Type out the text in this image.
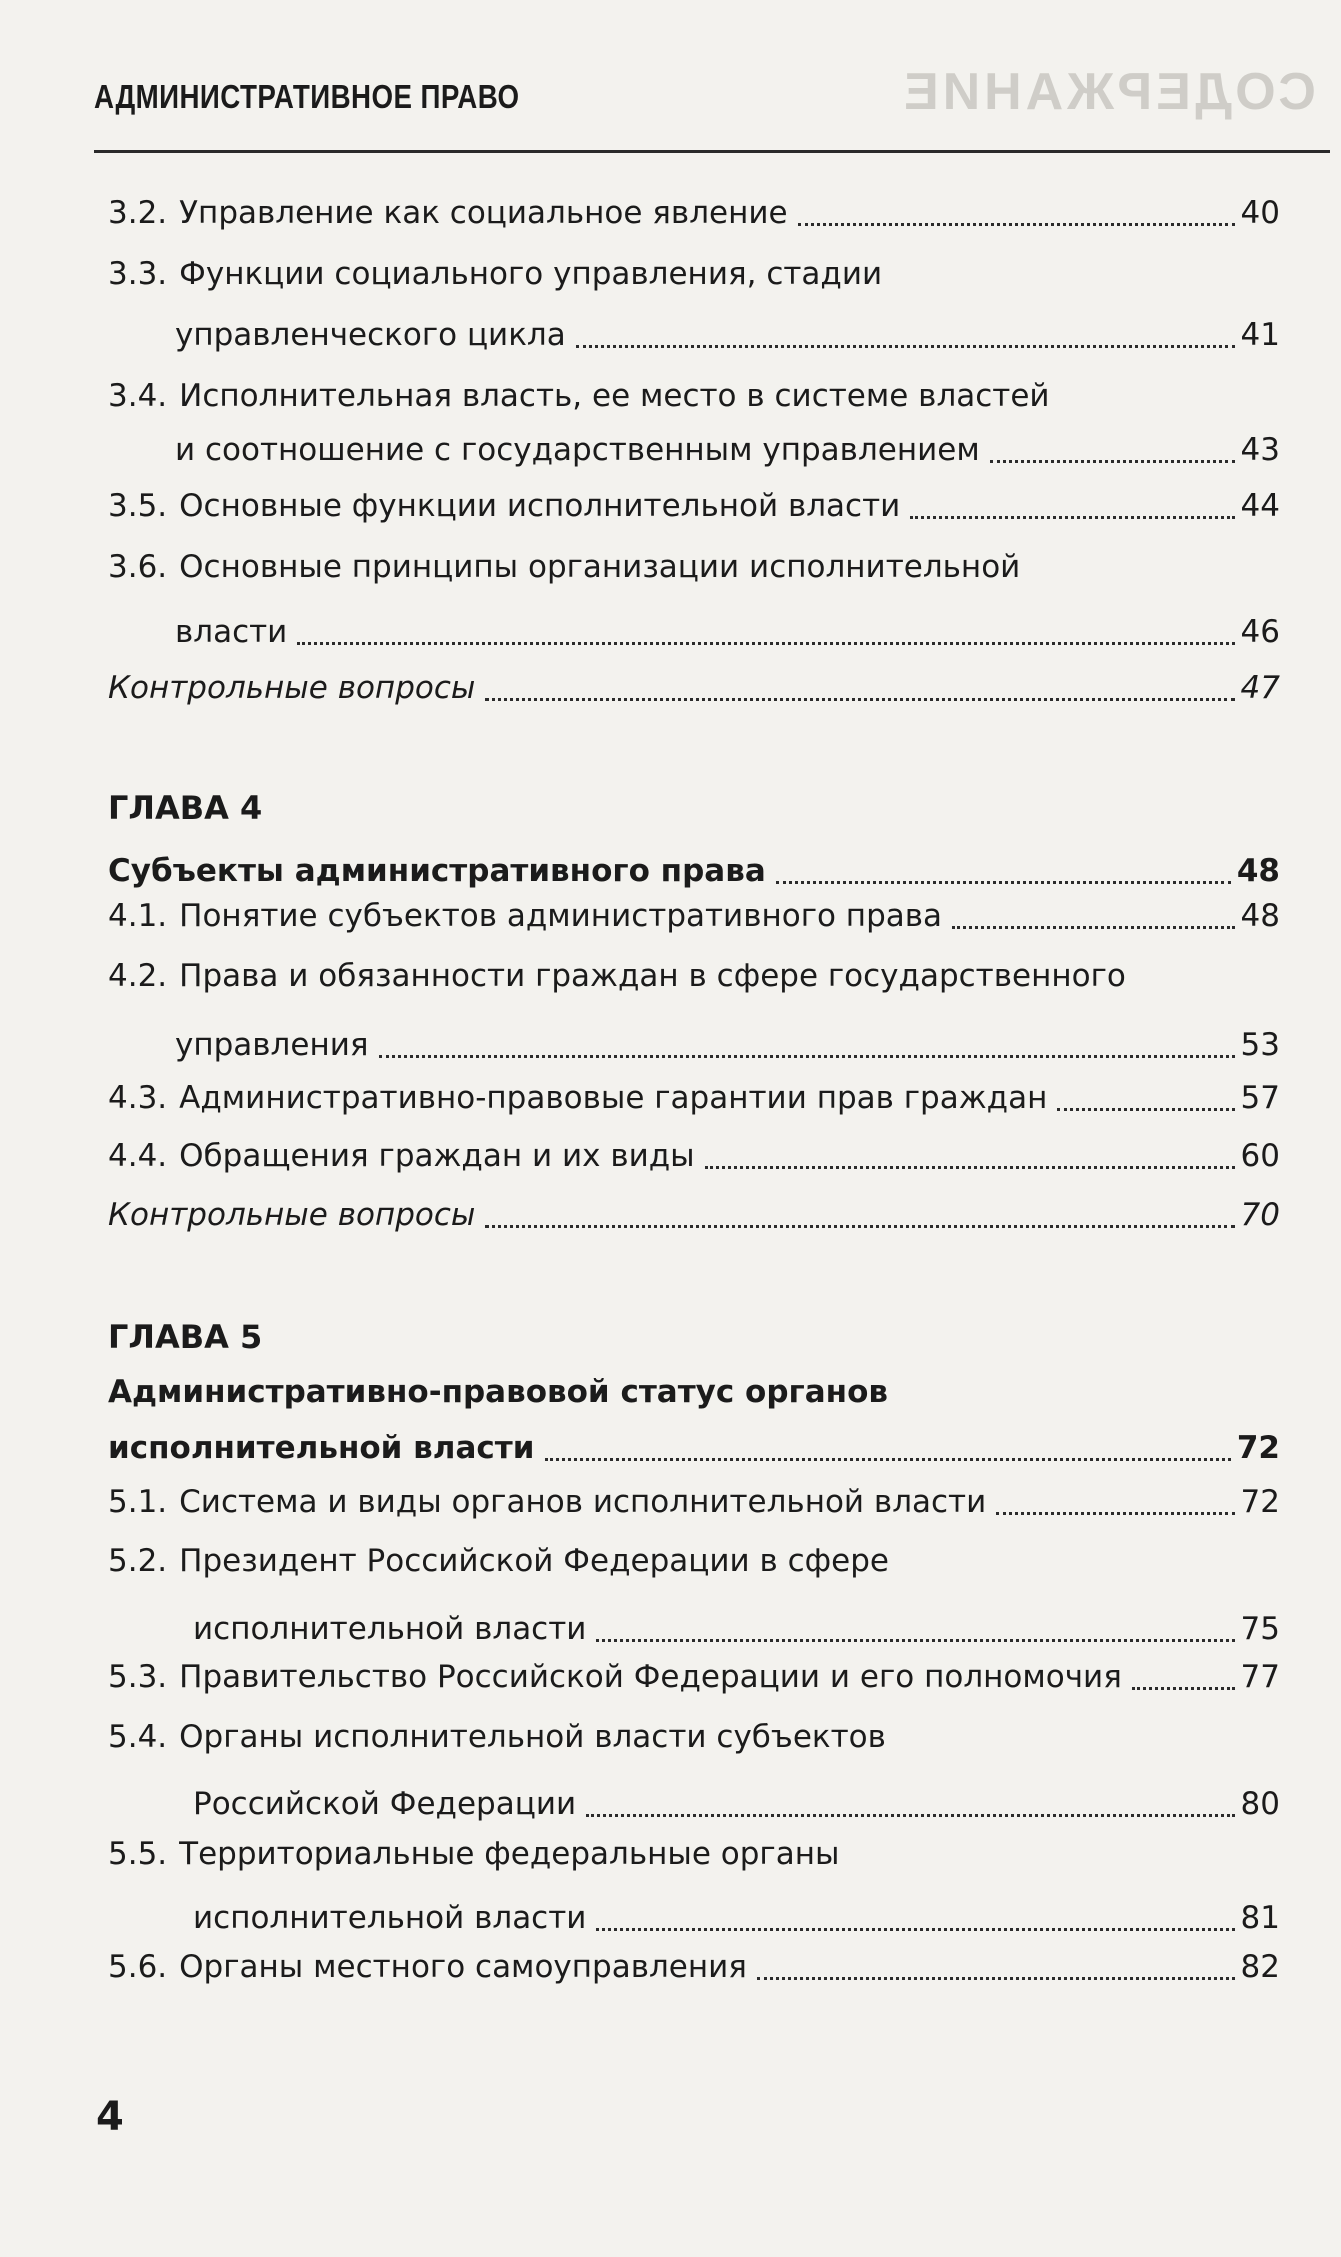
АДМИНИСТРАТИВНОЕ ПРАВО	СОДЕРЖАНИЕ
3.2. Управление как социальное явление	40
3.3. Функции социального управления, стадии
управленческого цикла	41
3.4. Исполнительная власть, ее место в системе властей
и соотношение с государственным управлением	43
3.5. Основные функции исполнительной власти	44
3.6. Основные принципы организации исполнительной
власти	46
Контрольные вопросы	47
ГЛАВА 4
Субъекты административного права	48
4.1. Понятие субъектов административного права	48
4.2. Права и обязанности граждан в сфере государственного
управления	53
4.3. Административно-правовые гарантии прав граждан	57
4.4. Обращения граждан и их виды	60
Контрольные вопросы	70
ГЛАВА 5
Административно-правовой статус органов
исполнительной власти	72
5.1. Система и виды органов исполнительной власти	72
5.2. Президент Российской Федерации в сфере
исполнительной власти	75
5.3. Правительство Российской Федерации и его полномочия	77
5.4. Органы исполнительной власти субъектов
Российской Федерации	80
5.5. Территориальные федеральные органы
исполнительной власти	81
5.6. Органы местного самоуправления	82
4
